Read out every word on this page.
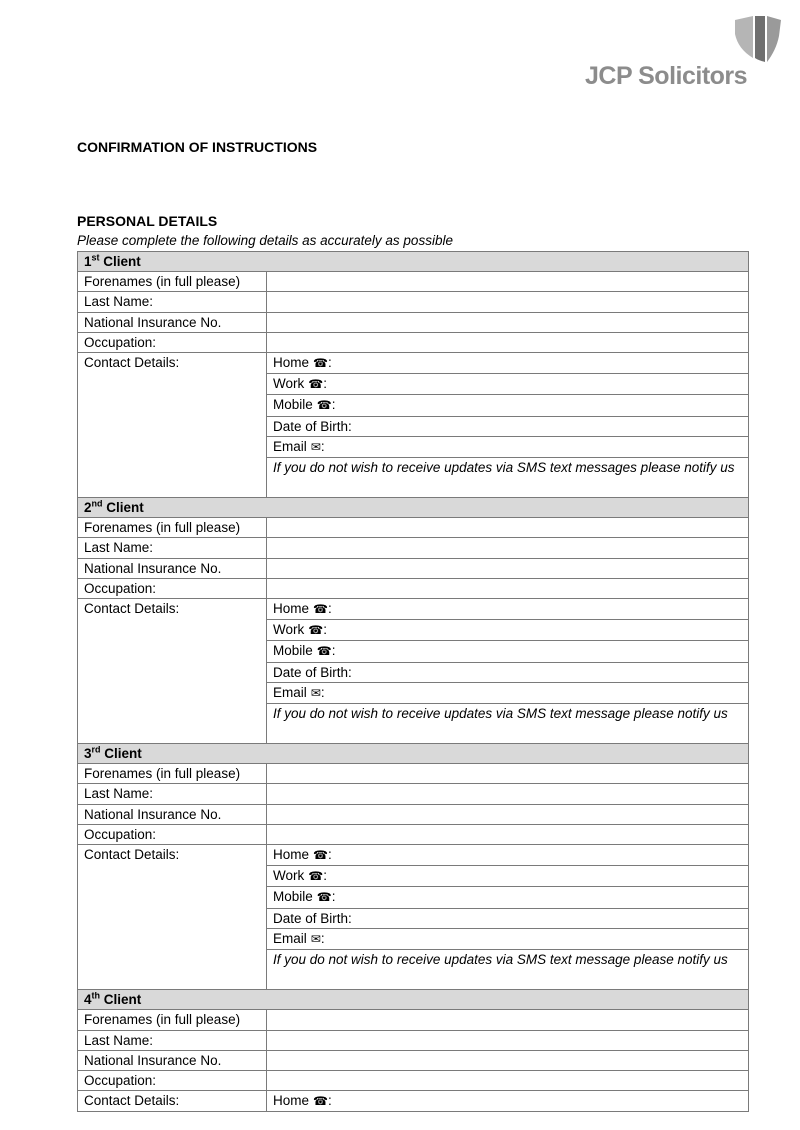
JCP Solicitors
CONFIRMATION OF INSTRUCTIONS
PERSONAL DETAILS

Please complete the following details as accurately as possible

1st Client	
Forenames (in full please)	
Last Name:	
National Insurance No.	
Occupation:	
Contact Details:	Home ☎:
	Work ☎:
	Mobile ☎:
	Date of Birth:
	Email ✉:
	If you do not wish to receive updates via SMS text messages please notify us
2nd Client	
Forenames (in full please)	
Last Name:	
National Insurance No.	
Occupation:	
Contact Details:	Home ☎:
	Work ☎:
	Mobile ☎:
	Date of Birth:
	Email ✉:
	If you do not wish to receive updates via SMS text message please notify us
3rd Client	
Forenames (in full please)	
Last Name:	
National Insurance No.	
Occupation:	
Contact Details:	Home ☎:
	Work ☎:
	Mobile ☎:
	Date of Birth:
	Email ✉:
	If you do not wish to receive updates via SMS text message please notify us
4th Client	
Forenames (in full please)	
Last Name:	
National Insurance No.	
Occupation:	
Contact Details:	Home ☎:
